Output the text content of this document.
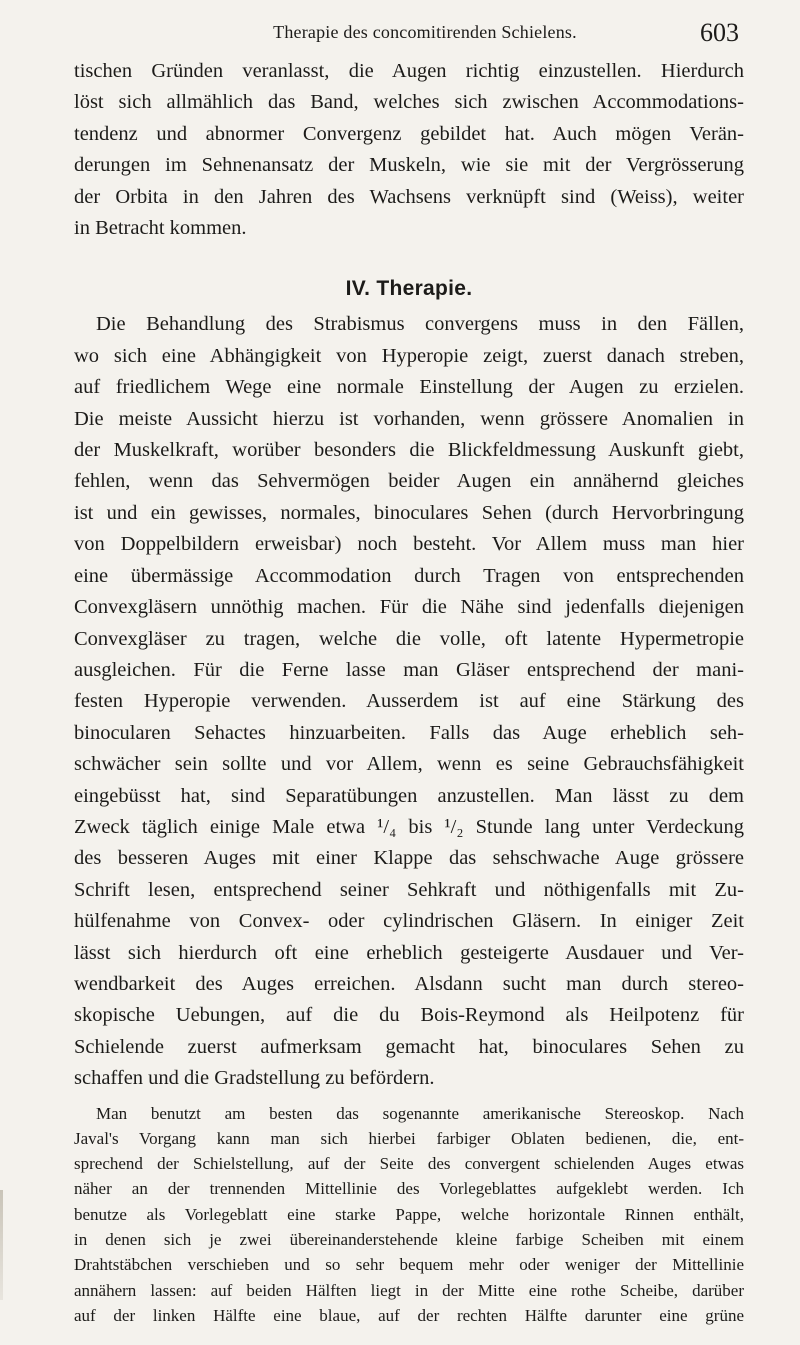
Therapie des concomitirenden Schielens.	603

tischen Gründen veranlasst, die Augen richtig einzustellen. Hierdurch
löst sich allmählich das Band, welches sich zwischen Accommodations-
tendenz und abnormer Convergenz gebildet hat. Auch mögen Verän-
derungen im Sehnenansatz der Muskeln, wie sie mit der Vergrösserung
der Orbita in den Jahren des Wachsens verknüpft sind (Weiss), weiter
in Betracht kommen.

IV. Therapie.

Die Behandlung des Strabismus convergens muss in den Fällen,
wo sich eine Abhängigkeit von Hyperopie zeigt, zuerst danach streben,
auf friedlichem Wege eine normale Einstellung der Augen zu erzielen.
Die meiste Aussicht hierzu ist vorhanden, wenn grössere Anomalien in
der Muskelkraft, worüber besonders die Blickfeldmessung Auskunft giebt,
fehlen, wenn das Sehvermögen beider Augen ein annähernd gleiches
ist und ein gewisses, normales, binoculares Sehen (durch Hervorbringung
von Doppelbildern erweisbar) noch besteht. Vor Allem muss man hier
eine übermässige Accommodation durch Tragen von entsprechenden
Convexgläsern unnöthig machen. Für die Nähe sind jedenfalls diejenigen
Convexgläser zu tragen, welche die volle, oft latente Hypermetropie
ausgleichen. Für die Ferne lasse man Gläser entsprechend der mani-
festen Hyperopie verwenden. Ausserdem ist auf eine Stärkung des
binocularen Sehactes hinzuarbeiten. Falls das Auge erheblich seh-
schwächer sein sollte und vor Allem, wenn es seine Gebrauchsfähigkeit
eingebüsst hat, sind Separatübungen anzustellen. Man lässt zu dem
Zweck täglich einige Male etwa ¹/₄ bis ¹/₂ Stunde lang unter Verdeckung
des besseren Auges mit einer Klappe das sehschwache Auge grössere
Schrift lesen, entsprechend seiner Sehkraft und nöthigenfalls mit Zu-
hülfenahme von Convex- oder cylindrischen Gläsern. In einiger Zeit
lässt sich hierdurch oft eine erheblich gesteigerte Ausdauer und Ver-
wendbarkeit des Auges erreichen. Alsdann sucht man durch stereo-
skopische Uebungen, auf die du Bois-Reymond als Heilpotenz für
Schielende zuerst aufmerksam gemacht hat, binoculares Sehen zu
schaffen und die Gradstellung zu befördern.

Man benutzt am besten das sogenannte amerikanische Stereoskop. Nach
Javal's Vorgang kann man sich hierbei farbiger Oblaten bedienen, die, ent-
sprechend der Schielstellung, auf der Seite des convergent schielenden Auges etwas
näher an der trennenden Mittellinie des Vorlegeblattes aufgeklebt werden. Ich
benutze als Vorlegeblatt eine starke Pappe, welche horizontale Rinnen enthält,
in denen sich je zwei übereinanderstehende kleine farbige Scheiben mit einem
Drahtstäbchen verschieben und so sehr bequem mehr oder weniger der Mittellinie
annähern lassen: auf beiden Hälften liegt in der Mitte eine rothe Scheibe, darüber
auf der linken Hälfte eine blaue, auf der rechten Hälfte darunter eine grüne
